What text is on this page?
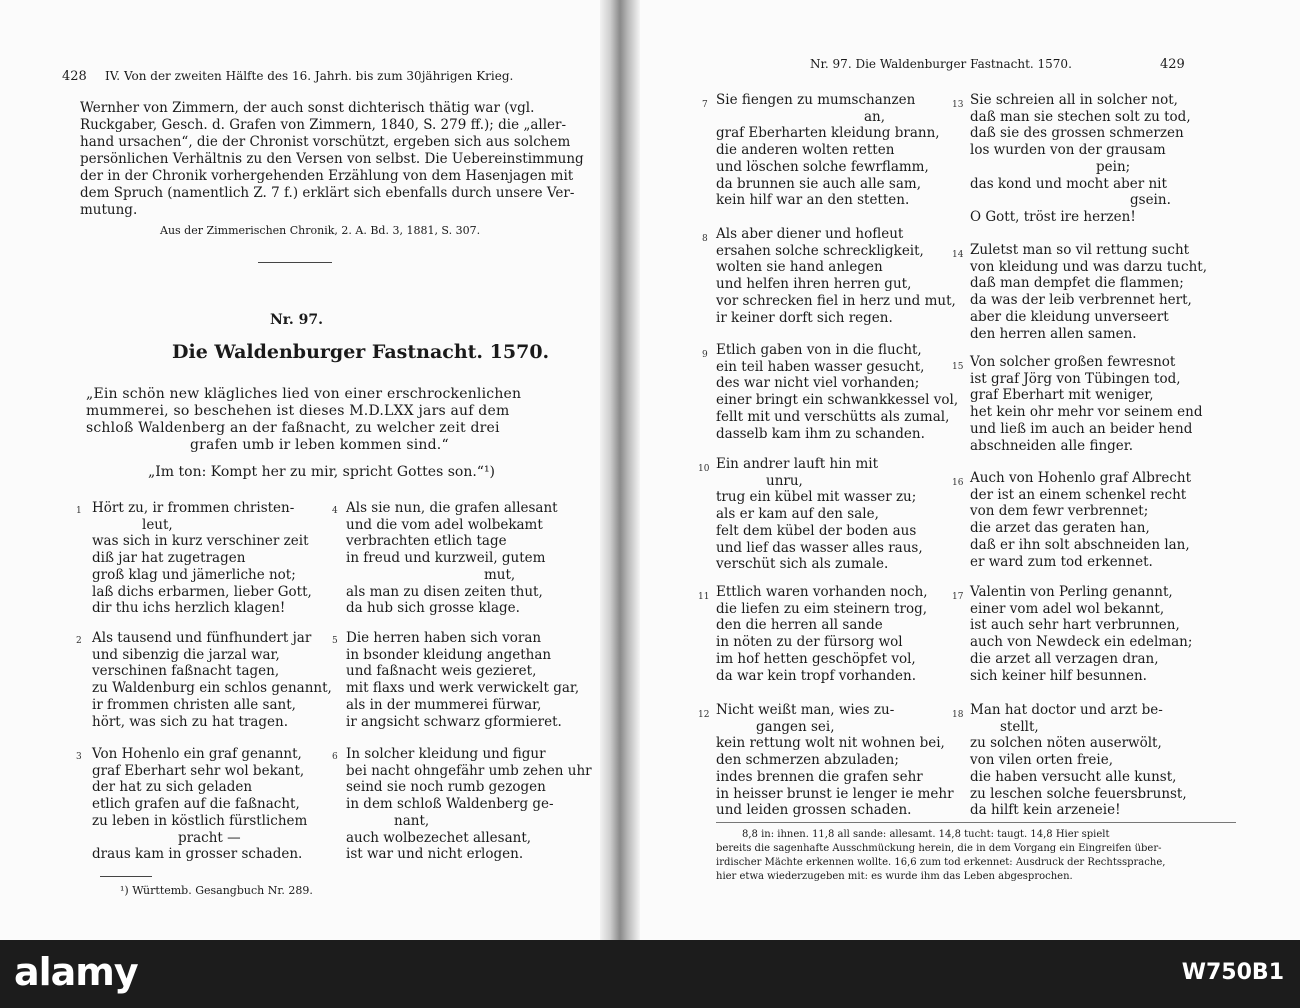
428 IV. Von der zweiten Hälfte des 16. Jahrh. bis zum 30jährigen Krieg.
Wernher von Zimmern, der auch sonst dichterisch thätig war (vgl.
Ruckgaber, Gesch. d. Grafen von Zimmern, 1840, S. 279 ff.); die „aller-
hand ursachen“, die der Chronist vorschützt, ergeben sich aus solchem
persönlichen Verhältnis zu den Versen von selbst. Die Uebereinstimmung
der in der Chronik vorhergehenden Erzählung von dem Hasenjagen mit
dem Spruch (namentlich Z. 7 f.) erklärt sich ebenfalls durch unsere Ver-
mutung.
Aus der Zimmerischen Chronik, 2. A. Bd. 3, 1881, S. 307.
Nr. 97.
Die Waldenburger Fastnacht. 1570.
„Ein schön new klägliches lied von einer erschrockenlichen
mummerei, so beschehen ist dieses M.D.LXX jars auf dem
schloß Waldenberg an der faßnacht, zu welcher zeit drei
grafen umb ir leben kommen sind.“
„Im ton: Kompt her zu mir, spricht Gottes son.“¹)
1 Hört zu, ir frommen christen-
leut,
was sich in kurz verschiner zeit
diß jar hat zugetragen
groß klag und jämerliche not;
laß dichs erbarmen, lieber Gott,
dir thu ichs herzlich klagen!
2 Als tausend und fünfhundert jar
und sibenzig die jarzal war,
verschinen faßnacht tagen,
zu Waldenburg ein schlos genannt,
ir frommen christen alle sant,
hört, was sich zu hat tragen.
3 Von Hohenlo ein graf genannt,
graf Eberhart sehr wol bekant,
der hat zu sich geladen
etlich grafen auf die faßnacht,
zu leben in köstlich fürstlichem
pracht —
draus kam in grosser schaden.
4 Als sie nun, die grafen allesant
und die vom adel wolbekamt
verbrachten etlich tage
in freud und kurzweil, gutem
mut,
als man zu disen zeiten thut,
da hub sich grosse klage.
5 Die herren haben sich voran
in bsonder kleidung angethan
und faßnacht weis gezieret,
mit flaxs und werk verwickelt gar,
als in der mummerei fürwar,
ir angsicht schwarz gformieret.
6 In solcher kleidung und figur
bei nacht ohngefähr umb zehen uhr
seind sie noch rumb gezogen
in dem schloß Waldenberg ge-
nant,
auch wolbezechet allesant,
ist war und nicht erlogen.
¹) Württemb. Gesangbuch Nr. 289.
Nr. 97. Die Waldenburger Fastnacht. 1570.	429
7 Sie fiengen zu mumschanzen
an,
graf Eberharten kleidung brann,
die anderen wolten retten
und löschen solche fewrflamm,
da brunnen sie auch alle sam,
kein hilf war an den stetten.
8 Als aber diener und hofleut
ersahen solche schreckligkeit,
wolten sie hand anlegen
und helfen ihren herren gut,
vor schrecken fiel in herz und mut,
ir keiner dorft sich regen.
9 Etlich gaben von in die flucht,
ein teil haben wasser gesucht,
des war nicht viel vorhanden;
einer bringt ein schwankkessel vol,
fellt mit und verschütts als zumal,
dasselb kam ihm zu schanden.
10 Ein andrer lauft hin mit
unru,
trug ein kübel mit wasser zu;
als er kam auf den sale,
felt dem kübel der boden aus
und lief das wasser alles raus,
verschüt sich als zumale.
11 Ettlich waren vorhanden noch,
die liefen zu eim steinern trog,
den die herren all sande
in nöten zu der fürsorg wol
im hof hetten geschöpfet vol,
da war kein tropf vorhanden.
12 Nicht weißt man, wies zu-
gangen sei,
kein rettung wolt nit wohnen bei,
den schmerzen abzuladen;
indes brennen die grafen sehr
in heisser brunst ie lenger ie mehr
und leiden grossen schaden.
13 Sie schreien all in solcher not,
daß man sie stechen solt zu tod,
daß sie des grossen schmerzen
los wurden von der grausam
pein;
das kond und mocht aber nit
gsein.
O Gott, tröst ire herzen!
14 Zuletst man so vil rettung sucht
von kleidung und was darzu tucht,
daß man dempfet die flammen;
da was der leib verbrennet hert,
aber die kleidung unverseert
den herren allen samen.
15 Von solcher großen fewresnot
ist graf Jörg von Tübingen tod,
graf Eberhart mit weniger,
het kein ohr mehr vor seinem end
und ließ im auch an beider hend
abschneiden alle finger.
16 Auch von Hohenlo graf Albrecht
der ist an einem schenkel recht
von dem fewr verbrennet;
die arzet das geraten han,
daß er ihn solt abschneiden lan,
er ward zum tod erkennet.
17 Valentin von Perling genannt,
einer vom adel wol bekannt,
ist auch sehr hart verbrunnen,
auch von Newdeck ein edelman;
die arzet all verzagen dran,
sich keiner hilf besunnen.
18 Man hat doctor und arzt be-
stellt,
zu solchen nöten auserwölt,
von vilen orten freie,
die haben versucht alle kunst,
zu leschen solche feuersbrunst,
da hilft kein arzeneie!
8,8 in: ihnen. 11,8 all sande: allesamt. 14,8 tucht: taugt. 14,8 Hier spielt
bereits die sagenhafte Ausschmückung herein, die in dem Vorgang ein Eingreifen über-
irdischer Mächte erkennen wollte. 16,6 zum tod erkennet: Ausdruck der Rechtssprache,
hier etwa wiederzugeben mit: es wurde ihm das Leben abgesprochen.
alamy	W750B1
